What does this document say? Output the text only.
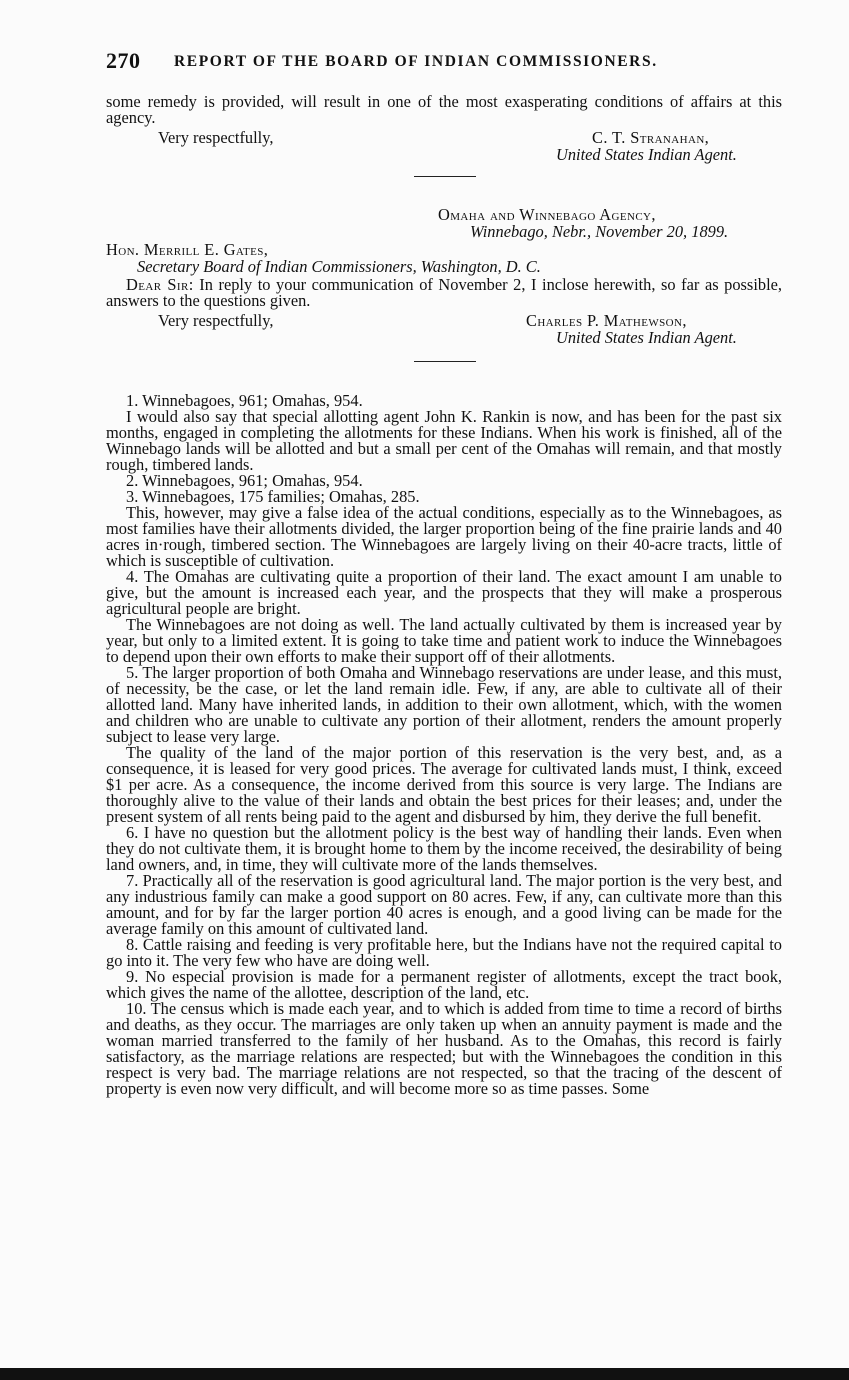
270 REPORT OF THE BOARD OF INDIAN COMMISSIONERS.

some remedy is provided, will result in one of the most exasperating conditions of affairs at this agency.

Very respectfully,	C. T. Stranahan,
United States Indian Agent.
Omaha and Winnebago Agency,
Winnebago, Nebr., November 20, 1899.
Hon. Merrill E. Gates,
Secretary Board of Indian Commissioners, Washington, D. C.

Dear Sir: In reply to your communication of November 2, I inclose herewith, so far as possible, answers to the questions given.

Very respectfully,	Charles P. Mathewson,
United States Indian Agent.

1. Winnebagoes, 961; Omahas, 954.

I would also say that special allotting agent John K. Rankin is now, and has been for the past six months, engaged in completing the allotments for these Indians. When his work is finished, all of the Winnebago lands will be allotted and but a small per cent of the Omahas will remain, and that mostly rough, timbered lands.

2. Winnebagoes, 961; Omahas, 954.

3. Winnebagoes, 175 families; Omahas, 285.

This, however, may give a false idea of the actual conditions, especially as to the Winnebagoes, as most families have their allotments divided, the larger proportion being of the fine prairie lands and 40 acres in·rough, timbered section. The Winnebagoes are largely living on their 40-acre tracts, little of which is susceptible of cultivation.

4. The Omahas are cultivating quite a proportion of their land. The exact amount I am unable to give, but the amount is increased each year, and the prospects that they will make a prosperous agricultural people are bright.

The Winnebagoes are not doing as well. The land actually cultivated by them is increased year by year, but only to a limited extent. It is going to take time and patient work to induce the Winnebagoes to depend upon their own efforts to make their support off of their allotments.

5. The larger proportion of both Omaha and Winnebago reservations are under lease, and this must, of necessity, be the case, or let the land remain idle. Few, if any, are able to cultivate all of their allotted land. Many have inherited lands, in addition to their own allotment, which, with the women and children who are unable to cultivate any portion of their allotment, renders the amount properly subject to lease very large.

The quality of the land of the major portion of this reservation is the very best, and, as a consequence, it is leased for very good prices. The average for cultivated lands must, I think, exceed $1 per acre. As a consequence, the income derived from this source is very large. The Indians are thoroughly alive to the value of their lands and obtain the best prices for their leases; and, under the present system of all rents being paid to the agent and disbursed by him, they derive the full benefit.

6. I have no question but the allotment policy is the best way of handling their lands. Even when they do not cultivate them, it is brought home to them by the income received, the desirability of being land owners, and, in time, they will cultivate more of the lands themselves.

7. Practically all of the reservation is good agricultural land. The major portion is the very best, and any industrious family can make a good support on 80 acres. Few, if any, can cultivate more than this amount, and for by far the larger portion 40 acres is enough, and a good living can be made for the average family on this amount of cultivated land.

8. Cattle raising and feeding is very profitable here, but the Indians have not the required capital to go into it. The very few who have are doing well.

9. No especial provision is made for a permanent register of allotments, except the tract book, which gives the name of the allottee, description of the land, etc.

10. The census which is made each year, and to which is added from time to time a record of births and deaths, as they occur. The marriages are only taken up when an annuity payment is made and the woman married transferred to the family of her husband. As to the Omahas, this record is fairly satisfactory, as the marriage relations are respected; but with the Winnebagoes the condition in this respect is very bad. The marriage relations are not respected, so that the tracing of the descent of property is even now very difficult, and will become more so as time passes. Some
